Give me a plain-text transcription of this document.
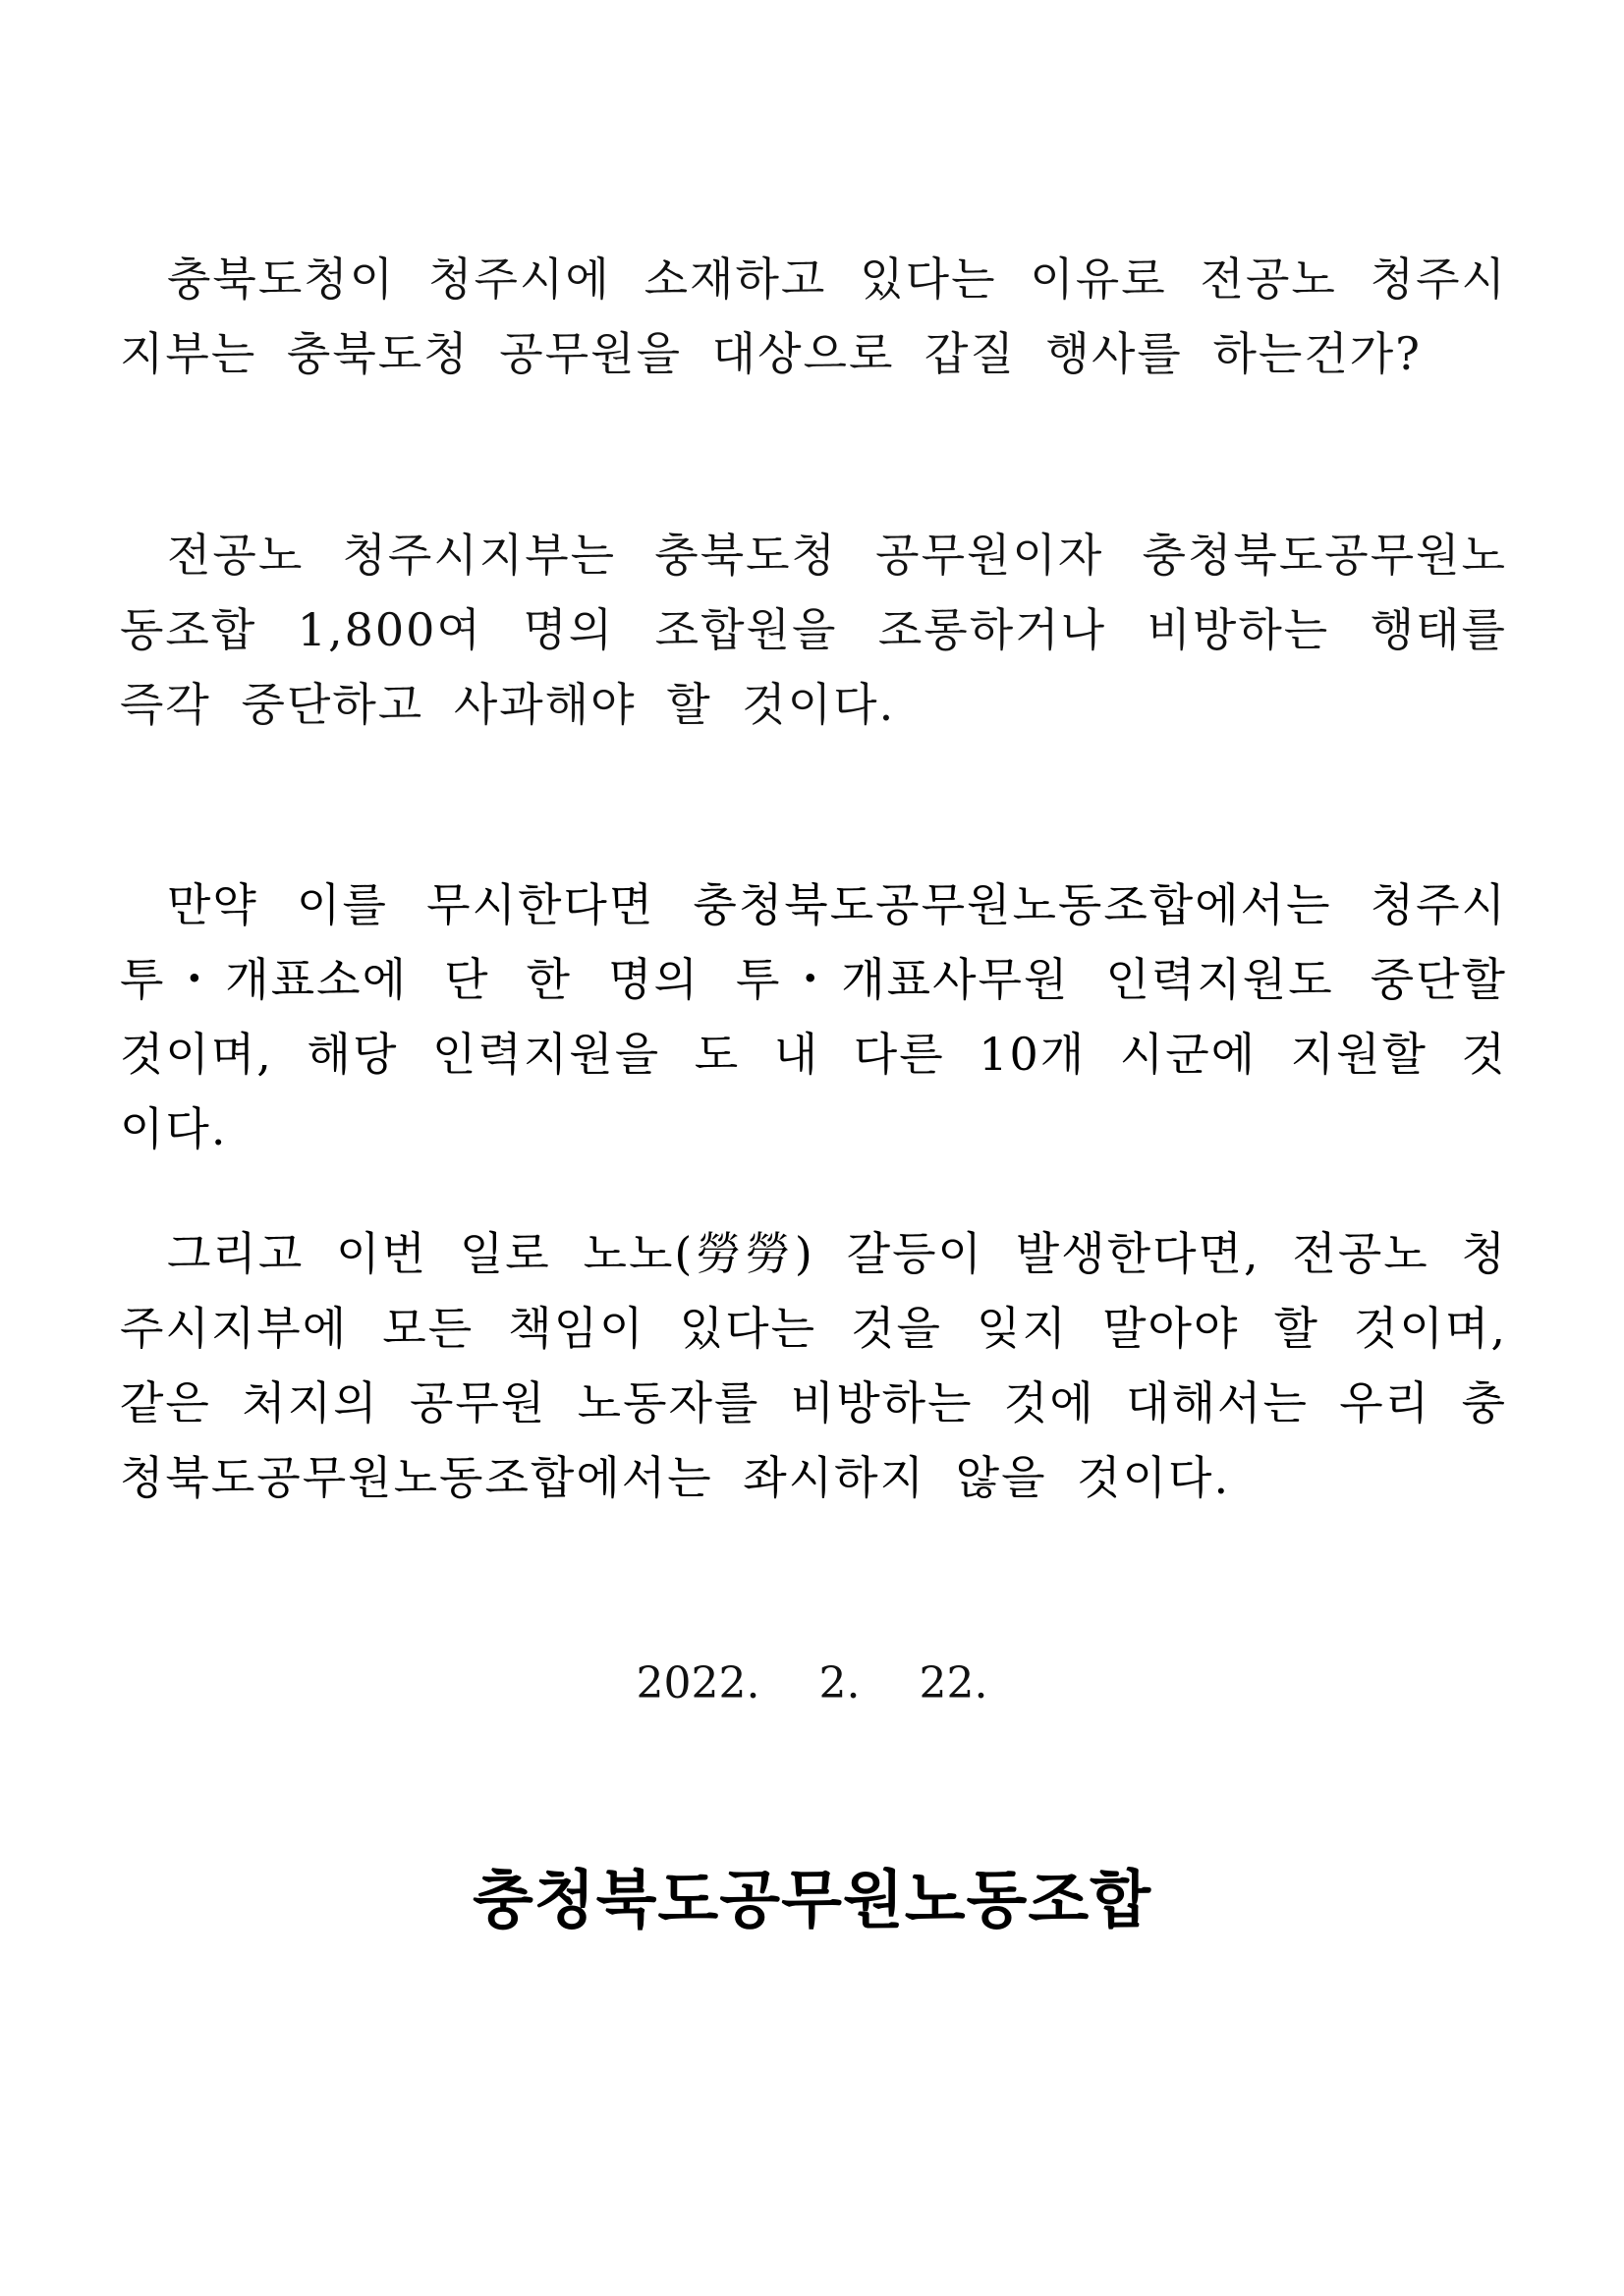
충북도청이 청주시에 소재하고 있다는 이유로 전공노 청주시지부는 충북도청 공무원을 대상으로 갑질 행사를 하는건가?

전공노 청주시지부는 충북도청 공무원이자 충청북도공무원노동조합 1,800여 명의 조합원을 조롱하거나 비방하는 행태를 즉각 중단하고 사과해야 할 것이다.

만약 이를 무시한다면 충청북도공무원노동조합에서는 청주시 투・개표소에 단 한 명의 투・개표사무원 인력지원도 중단할 것이며, 해당 인력지원을 도 내 다른 10개 시군에 지원할 것이다.

그리고 이번 일로 노노(勞勞) 갈등이 발생한다면, 전공노 청주시지부에 모든 책임이 있다는 것을 잊지 말아야 할 것이며, 같은 처지의 공무원 노동자를 비방하는 것에 대해서는 우리 충청북도공무원노동조합에서는 좌시하지 않을 것이다.

2022. 2. 22.

충청북도공무원노동조합
